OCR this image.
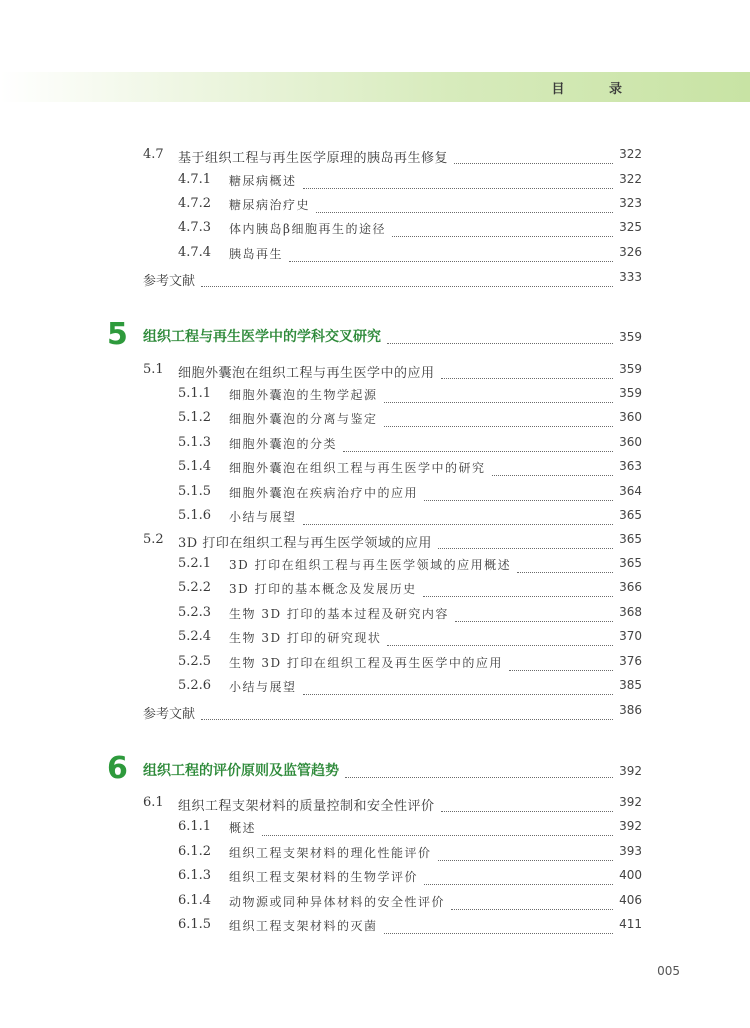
目 录
4.7 基于组织工程与再生医学原理的胰岛再生修复	322
4.7.1 糖尿病概述	322
4.7.2 糖尿病治疗史	323
4.7.3 体内胰岛β细胞再生的途径	325
4.7.4 胰岛再生	326
参考文献	333
5 组织工程与再生医学中的学科交叉研究	359
5.1 细胞外囊泡在组织工程与再生医学中的应用	359
5.1.1 细胞外囊泡的生物学起源	359
5.1.2 细胞外囊泡的分离与鉴定	360
5.1.3 细胞外囊泡的分类	360
5.1.4 细胞外囊泡在组织工程与再生医学中的研究	363
5.1.5 细胞外囊泡在疾病治疗中的应用	364
5.1.6 小结与展望	365
5.2 3D 打印在组织工程与再生医学领域的应用	365
5.2.1 3D 打印在组织工程与再生医学领域的应用概述	365
5.2.2 3D 打印的基本概念及发展历史	366
5.2.3 生物 3D 打印的基本过程及研究内容	368
5.2.4 生物 3D 打印的研究现状	370
5.2.5 生物 3D 打印在组织工程及再生医学中的应用	376
5.2.6 小结与展望	385
参考文献	386
6 组织工程的评价原则及监管趋势	392
6.1 组织工程支架材料的质量控制和安全性评价	392
6.1.1 概述	392
6.1.2 组织工程支架材料的理化性能评价	393
6.1.3 组织工程支架材料的生物学评价	400
6.1.4 动物源或同种异体材料的安全性评价	406
6.1.5 组织工程支架材料的灭菌	411
005
